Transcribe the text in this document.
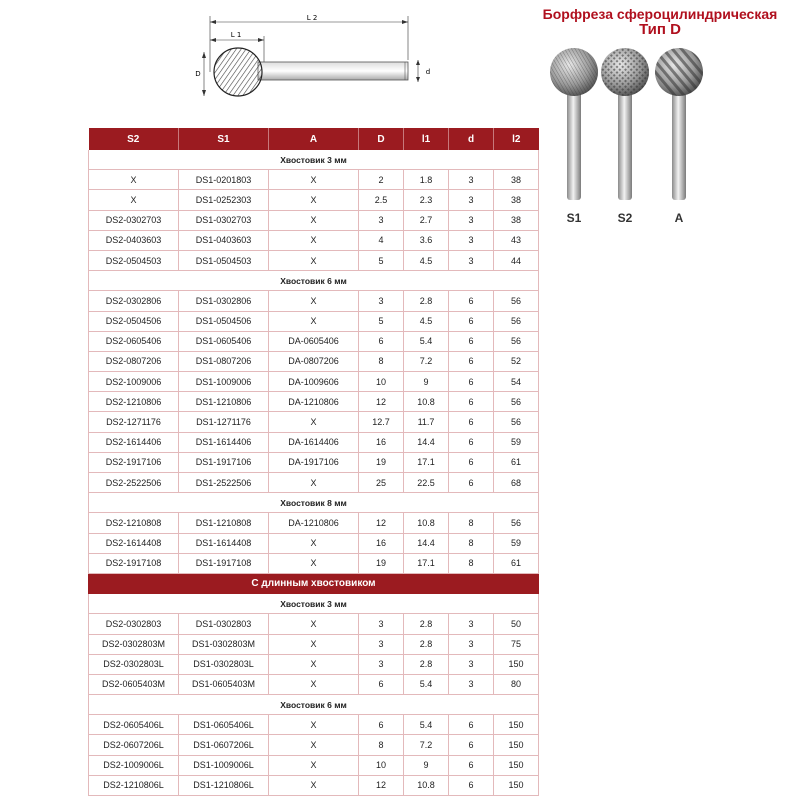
Борфреза сфероцилиндрическая
Тип D
L 2
L 1
D	d
S1	S2	A
S2	S1	A	D	l1	d	l2
Хвостовик 3 мм						
X	DS1-0201803	X	2	1.8	3	38
X	DS1-0252303	X	2.5	2.3	3	38
DS2-0302703	DS1-0302703	X	3	2.7	3	38
DS2-0403603	DS1-0403603	X	4	3.6	3	43
DS2-0504503	DS1-0504503	X	5	4.5	3	44
Хвостовик 6 мм						
DS2-0302806	DS1-0302806	X	3	2.8	6	56
DS2-0504506	DS1-0504506	X	5	4.5	6	56
DS2-0605406	DS1-0605406	DA-0605406	6	5.4	6	56
DS2-0807206	DS1-0807206	DA-0807206	8	7.2	6	52
DS2-1009006	DS1-1009006	DA-1009606	10	9	6	54
DS2-1210806	DS1-1210806	DA-1210806	12	10.8	6	56
DS2-1271176	DS1-1271176	X	12.7	11.7	6	56
DS2-1614406	DS1-1614406	DA-1614406	16	14.4	6	59
DS2-1917106	DS1-1917106	DA-1917106	19	17.1	6	61
DS2-2522506	DS1-2522506	X	25	22.5	6	68
Хвостовик 8 мм						
DS2-1210808	DS1-1210808	DA-1210806	12	10.8	8	56
DS2-1614408	DS1-1614408	X	16	14.4	8	59
DS2-1917108	DS1-1917108	X	19	17.1	8	61
С длинным хвостовиком						
Хвостовик 3 мм						
DS2-0302803	DS1-0302803	X	3	2.8	3	50
DS2-0302803M	DS1-0302803M	X	3	2.8	3	75
DS2-0302803L	DS1-0302803L	X	3	2.8	3	150
DS2-0605403M	DS1-0605403M	X	6	5.4	3	80
Хвостовик 6 мм						
DS2-0605406L	DS1-0605406L	X	6	5.4	6	150
DS2-0607206L	DS1-0607206L	X	8	7.2	6	150
DS2-1009006L	DS1-1009006L	X	10	9	6	150
DS2-1210806L	DS1-1210806L	X	12	10.8	6	150
